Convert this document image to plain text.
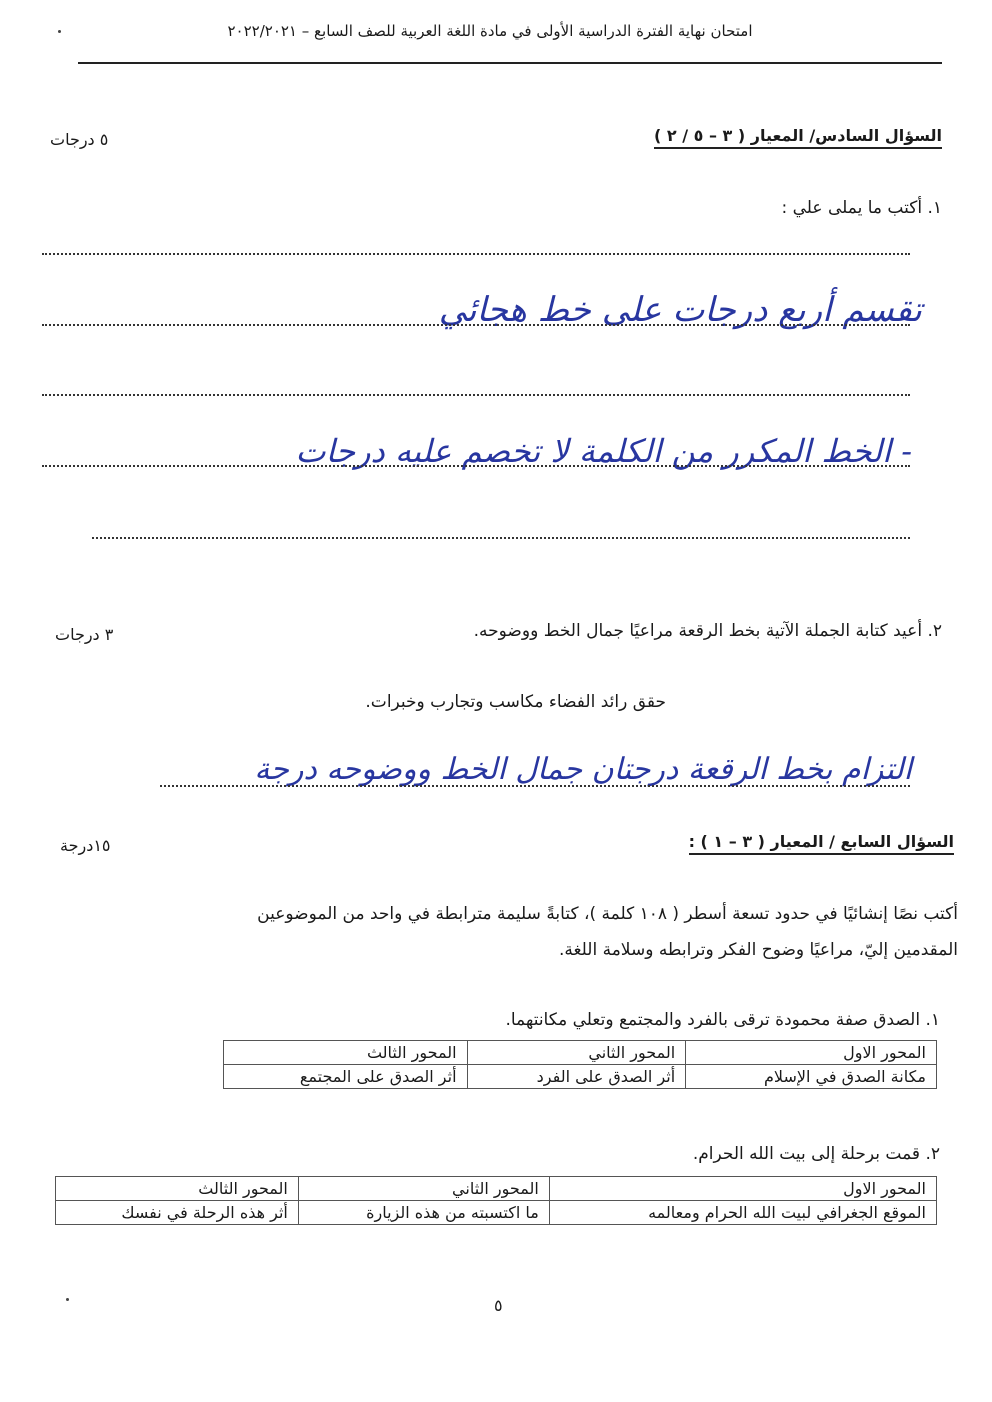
امتحان نهاية الفترة الدراسية الأولى في مادة اللغة العربية للصف السابع – ٢٠٢٢/٢٠٢١
السؤال السادس/ المعيار ( ٣ – ٥ / ٢ )
٥ درجات
١. أكتب ما يملى علي :
تقسم أربع درجات على خط هجائي
- الخط المكرر من الكلمة لا تخصم عليه درجات
٢. أعيد كتابة الجملة الآتية بخط الرقعة مراعيًا جمال الخط ووضوحه.
٣ درجات
حقق رائد الفضاء مكاسب وتجارب وخبرات.
التزام بخط الرقعة درجتان جمال الخط ووضوحه درجة
السؤال السابع / المعيار ( ٣ – ١ ) :
١٥درجة
أكتب نصًا إنشائيًا في حدود تسعة أسطر ( ١٠٨ كلمة )، كتابةً سليمة مترابطة في واحد من الموضوعين
المقدمين إليّ، مراعيًا وضوح الفكر وترابطه وسلامة اللغة.
١. الصدق صفة محمودة ترقى بالفرد والمجتمع وتعلي مكانتهما.
المحور الاول	المحور الثاني	المحور الثالث
مكانة الصدق في الإسلام	أثر الصدق على الفرد	أثر الصدق على المجتمع
٢. قمت برحلة إلى بيت الله الحرام.
المحور الاول	المحور الثاني	المحور الثالث
الموقع الجغرافي لبيت الله الحرام ومعالمه	ما اكتسبته من هذه الزيارة	أثر هذه الرحلة في نفسك
٥
